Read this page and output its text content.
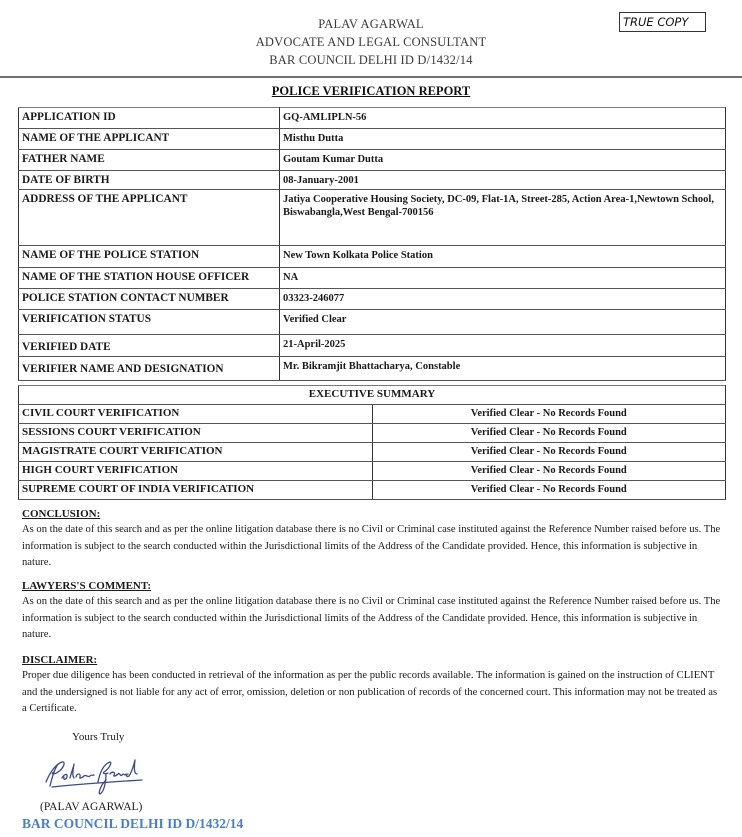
PALAV AGARWAL
ADVOCATE AND LEGAL CONSULTANT
BAR COUNCIL DELHI ID D/1432/14
TRUE COPY
POLICE VERIFICATION REPORT
APPLICATION ID	GQ-AMLIPLN-56
NAME OF THE APPLICANT	Misthu Dutta
FATHER NAME	Goutam Kumar Dutta
DATE OF BIRTH	08-January-2001
ADDRESS OF THE APPLICANT	Jatiya Cooperative Housing Society, DC-09, Flat-1A, Street-285, Action Area-1,Newtown School, Biswabangla,West Bengal-700156
NAME OF THE POLICE STATION	New Town Kolkata Police Station
NAME OF THE STATION HOUSE OFFICER	NA
POLICE STATION CONTACT NUMBER	03323-246077
VERIFICATION STATUS	Verified Clear
VERIFIED DATE	21-April-2025
VERIFIER NAME AND DESIGNATION	Mr. Bikramjit Bhattacharya, Constable
EXECUTIVE SUMMARY	
CIVIL COURT VERIFICATION	Verified Clear - No Records Found
SESSIONS COURT VERIFICATION	Verified Clear - No Records Found
MAGISTRATE COURT VERIFICATION	Verified Clear - No Records Found
HIGH COURT VERIFICATION	Verified Clear - No Records Found
SUPREME COURT OF INDIA VERIFICATION	Verified Clear - No Records Found
CONCLUSION:

As on the date of this search and as per the online litigation database there is no Civil or Criminal case instituted against the Reference Number raised before us. The information is subject to the search conducted within the Jurisdictional limits of the Address of the Candidate provided. Hence, this information is subjective in nature.

LAWYERS'S COMMENT:

As on the date of this search and as per the online litigation database there is no Civil or Criminal case instituted against the Reference Number raised before us. The information is subject to the search conducted within the Jurisdictional limits of the Address of the Candidate provided. Hence, this information is subjective in nature.

DISCLAIMER:

Proper due diligence has been conducted in retrieval of the information as per the public records available. The information is gained on the instruction of CLIENT and the undersigned is not liable for any act of error, omission, deletion or non publication of records of the concerned court. This information may not be treated as a Certificate.

Yours Truly
(PALAV AGARWAL)
BAR COUNCIL DELHI ID D/1432/14
